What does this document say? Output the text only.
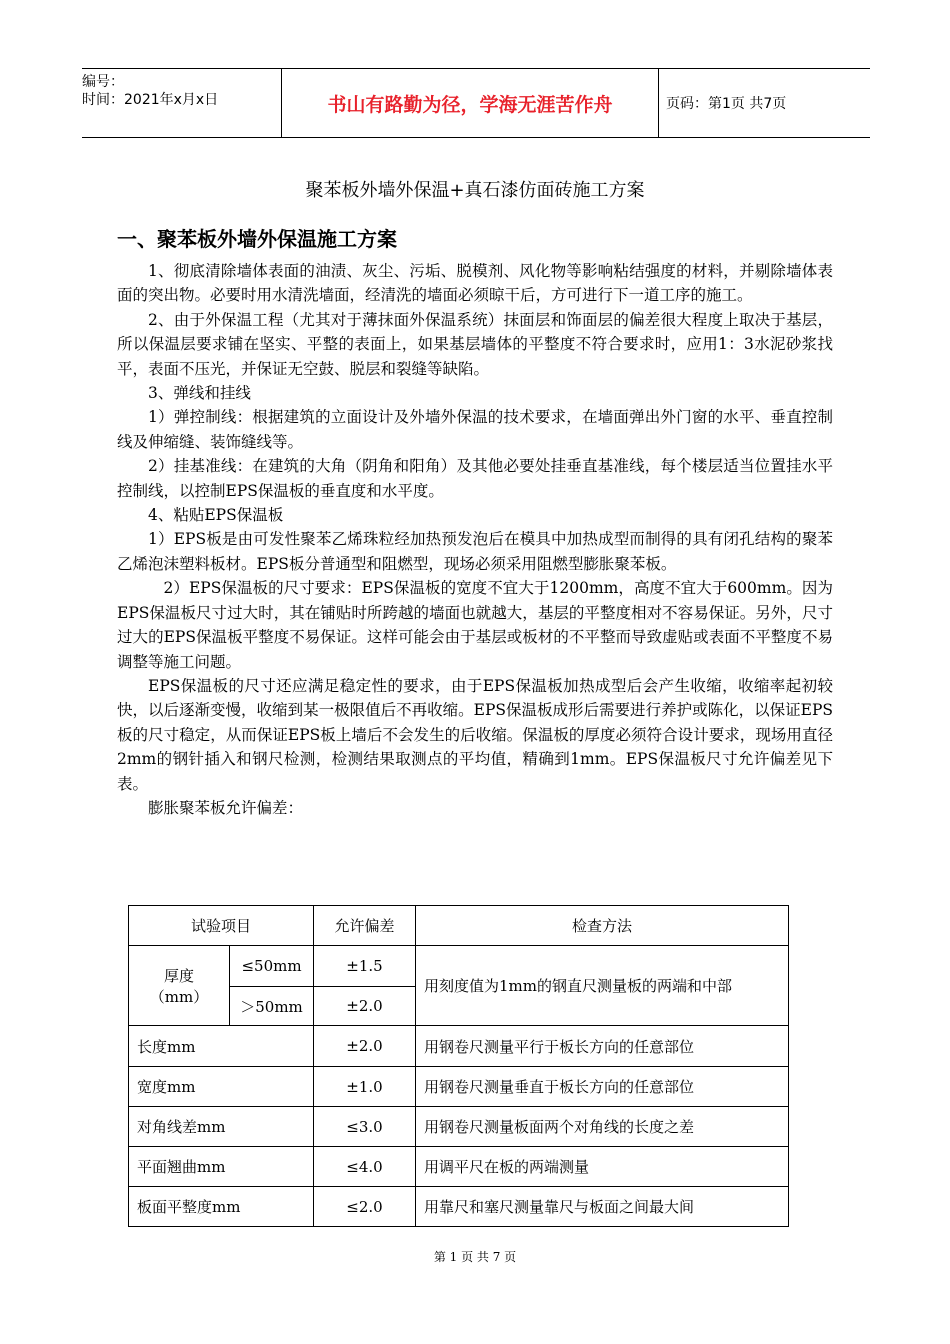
编号：
时间：2021年x月x日	书山有路勤为径，学海无涯苦作舟	页码：第1页 共7页
聚苯板外墙外保温+真石漆仿面砖施工方案
一、聚苯板外墙外保温施工方案

1、彻底清除墙体表面的油渍、灰尘、污垢、脱模剂、风化物等影响粘结强度的材料，并剔除墙体表面的突出物。必要时用水清洗墙面，经清洗的墙面必须晾干后，方可进行下一道工序的施工。

2、由于外保温工程（尤其对于薄抹面外保温系统）抹面层和饰面层的偏差很大程度上取决于基层，所以保温层要求铺在坚实、平整的表面上，如果基层墙体的平整度不符合要求时，应用1：3水泥砂浆找平，表面不压光，并保证无空鼓、脱层和裂缝等缺陷。

3、弹线和挂线

1）弹控制线：根据建筑的立面设计及外墙外保温的技术要求，在墙面弹出外门窗的水平、垂直控制线及伸缩缝、装饰缝线等。

2）挂基准线：在建筑的大角（阴角和阳角）及其他必要处挂垂直基准线，每个楼层适当位置挂水平控制线，以控制EPS保温板的垂直度和水平度。

4、粘贴EPS保温板

1）EPS板是由可发性聚苯乙烯珠粒经加热预发泡后在模具中加热成型而制得的具有闭孔结构的聚苯乙烯泡沫塑料板材。EPS板分普通型和阻燃型，现场必须采用阻燃型膨胀聚苯板。

2）EPS保温板的尺寸要求：EPS保温板的宽度不宜大于1200mm，高度不宜大于600mm。因为EPS保温板尺寸过大时，其在铺贴时所跨越的墙面也就越大，基层的平整度相对不容易保证。另外，尺寸过大的EPS保温板平整度不易保证。这样可能会由于基层或板材的不平整而导致虚贴或表面不平整度不易调整等施工问题。

EPS保温板的尺寸还应满足稳定性的要求，由于EPS保温板加热成型后会产生收缩，收缩率起初较快，以后逐渐变慢，收缩到某一极限值后不再收缩。EPS保温板成形后需要进行养护或陈化，以保证EPS板的尺寸稳定，从而保证EPS板上墙后不会发生的后收缩。保温板的厚度必须符合设计要求，现场用直径2mm的钢针插入和钢尺检测，检测结果取测点的平均值，精确到1mm。EPS保温板尺寸允许偏差见下表。

膨胀聚苯板允许偏差：

试验项目		允许偏差	检查方法

厚度
（mm）	≤50mm	±1.5	用刻度值为1mm的钢直尺测量板的两端和中部
	＞50mm	±2.0	
长度mm		±2.0	用钢卷尺测量平行于板长方向的任意部位
宽度mm		±1.0	用钢卷尺测量垂直于板长方向的任意部位
对角线差mm		≤3.0	用钢卷尺测量板面两个对角线的长度之差
平面翘曲mm		≤4.0	用调平尺在板的两端测量
板面平整度mm		≤2.0	用靠尺和塞尺测量靠尺与板面之间最大间
第 1 页 共 7 页
